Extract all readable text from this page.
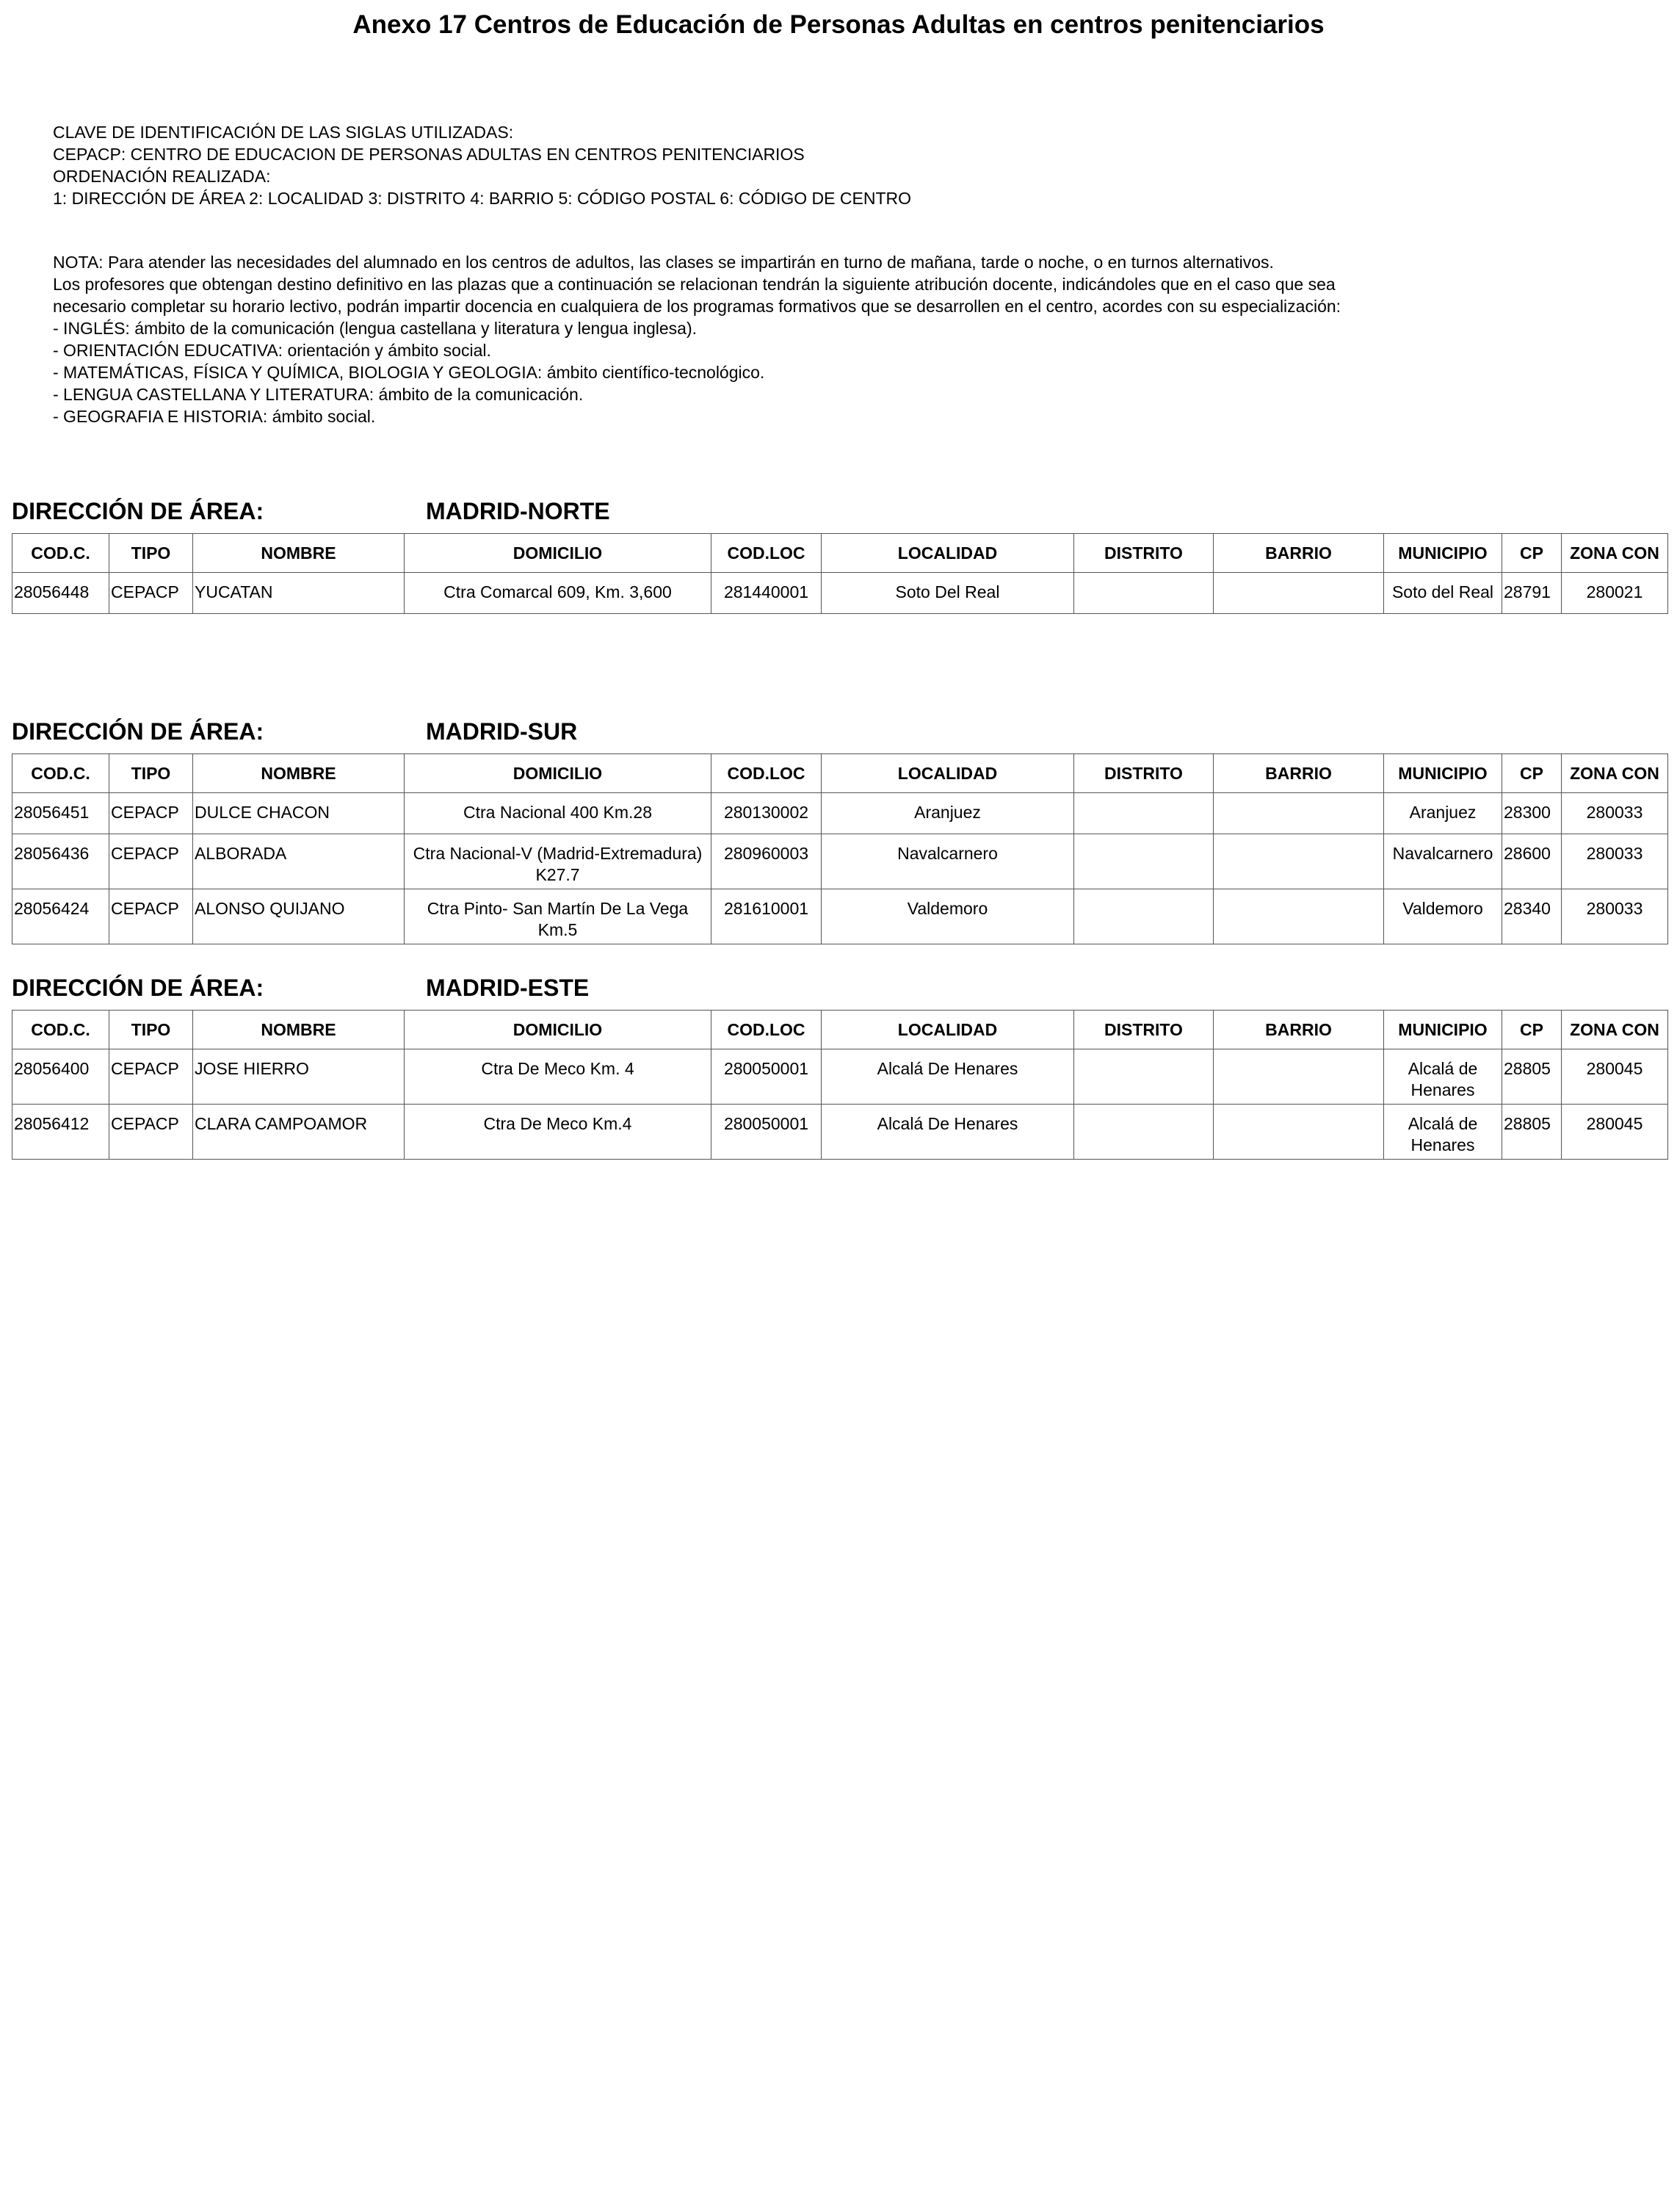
Anexo 17 Centros de Educación de Personas Adultas en centros penitenciarios
CLAVE DE IDENTIFICACIÓN DE LAS SIGLAS UTILIZADAS:
CEPACP: CENTRO DE EDUCACION DE PERSONAS ADULTAS EN CENTROS PENITENCIARIOS
ORDENACIÓN REALIZADA:
1: DIRECCIÓN DE ÁREA 2: LOCALIDAD 3: DISTRITO 4: BARRIO 5: CÓDIGO POSTAL 6: CÓDIGO DE CENTRO
NOTA: Para atender las necesidades del alumnado en los centros de adultos, las clases se impartirán en turno de mañana, tarde o noche, o en turnos alternativos.
Los profesores que obtengan destino definitivo en las plazas que a continuación se relacionan tendrán la siguiente atribución docente, indicándoles que en el caso que sea
necesario completar su horario lectivo, podrán impartir docencia en cualquiera de los programas formativos que se desarrollen en el centro, acordes con su especialización:
- INGLÉS: ámbito de la comunicación (lengua castellana y literatura y lengua inglesa).
- ORIENTACIÓN EDUCATIVA: orientación y ámbito social.
- MATEMÁTICAS, FÍSICA Y QUÍMICA, BIOLOGIA Y GEOLOGIA: ámbito científico-tecnológico.
- LENGUA CASTELLANA Y LITERATURA: ámbito de la comunicación.
- GEOGRAFIA E HISTORIA: ámbito social.
DIRECCIÓN DE ÁREA:	MADRID-NORTE
COD.C.	TIPO	NOMBRE	DOMICILIO	COD.LOC	LOCALIDAD	DISTRITO	BARRIO	MUNICIPIO	CP	ZONA CON
28056448	CEPACP	YUCATAN	Ctra Comarcal 609, Km. 3,600	281440001	Soto Del Real			Soto del Real	28791	280021
DIRECCIÓN DE ÁREA:	MADRID-SUR
COD.C.	TIPO	NOMBRE	DOMICILIO	COD.LOC	LOCALIDAD	DISTRITO	BARRIO	MUNICIPIO	CP	ZONA CON
28056451	CEPACP	DULCE CHACON	Ctra Nacional 400 Km.28	280130002	Aranjuez			Aranjuez	28300	280033
28056436	CEPACP	ALBORADA	Ctra Nacional-V (Madrid-Extremadura) K27.7	280960003	Navalcarnero			Navalcarnero	28600	280033
28056424	CEPACP	ALONSO QUIJANO	Ctra Pinto- San Martín De La Vega Km.5	281610001	Valdemoro			Valdemoro	28340	280033
DIRECCIÓN DE ÁREA:	MADRID-ESTE
COD.C.	TIPO	NOMBRE	DOMICILIO	COD.LOC	LOCALIDAD	DISTRITO	BARRIO	MUNICIPIO	CP	ZONA CON
28056400	CEPACP	JOSE HIERRO	Ctra De Meco Km. 4	280050001	Alcalá De Henares			Alcalá de Henares	28805	280045
28056412	CEPACP	CLARA CAMPOAMOR	Ctra De Meco Km.4	280050001	Alcalá De Henares			Alcalá de Henares	28805	280045
